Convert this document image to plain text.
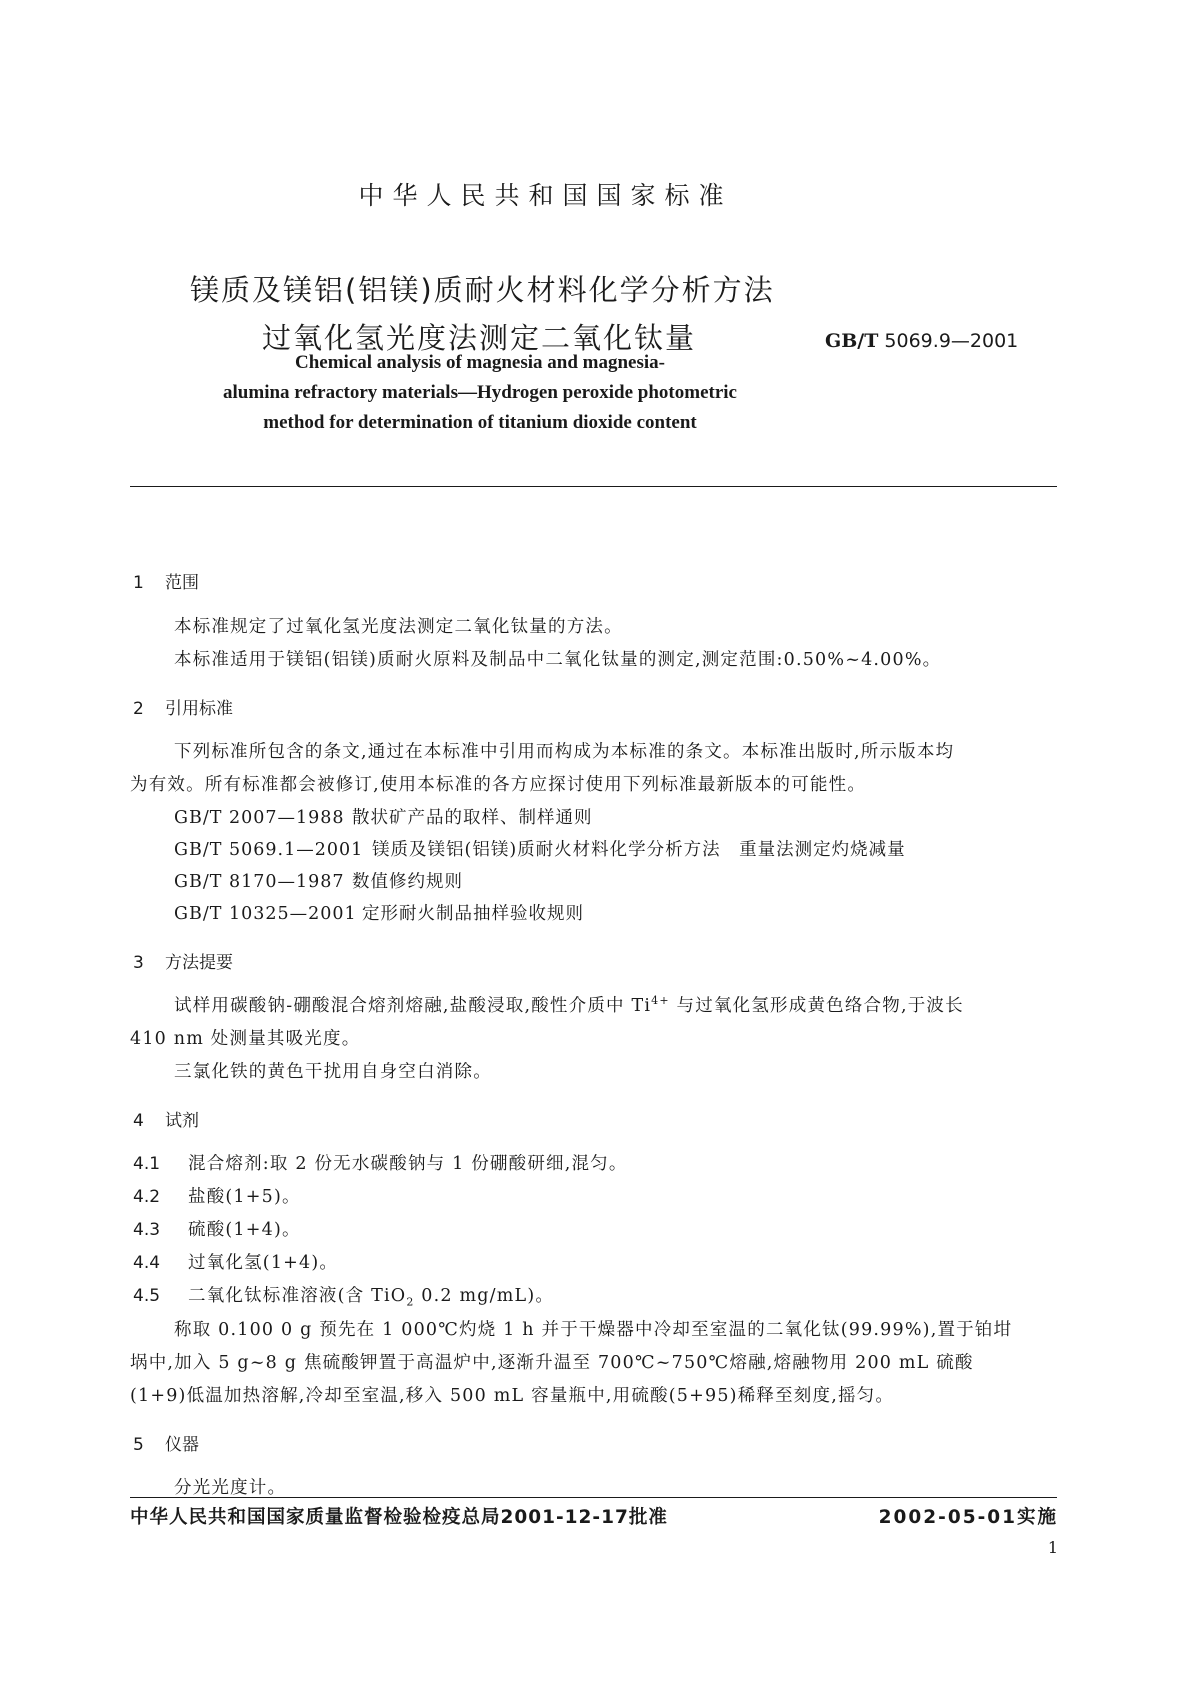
中华人民共和国国家标准
镁质及镁铝(铝镁)质耐火材料化学分析方法
过氧化氢光度法测定二氧化钛量	GB/T 5069.9—2001
Chemical analysis of magnesia and magnesia-
alumina refractory materials—Hydrogen peroxide photometric
method for determination of titanium dioxide content
1 范围
本标准规定了过氧化氢光度法测定二氧化钛量的方法。
本标准适用于镁铝(铝镁)质耐火原料及制品中二氧化钛量的测定,测定范围:0.50%~4.00%。
2 引用标准
下列标准所包含的条文,通过在本标准中引用而构成为本标准的条文。本标准出版时,所示版本均
为有效。所有标准都会被修订,使用本标准的各方应探讨使用下列标准最新版本的可能性。
GB/T 2007—1988 散状矿产品的取样、制样通则
GB/T 5069.1—2001 镁质及镁铝(铝镁)质耐火材料化学分析方法　重量法测定灼烧减量
GB/T 8170—1987 数值修约规则
GB/T 10325—2001 定形耐火制品抽样验收规则
3 方法提要
试样用碳酸钠-硼酸混合熔剂熔融,盐酸浸取,酸性介质中 $Ti^{4+}$ 与过氧化氢形成黄色络合物,于波长
410 nm 处测量其吸光度。
三氯化铁的黄色干扰用自身空白消除。
4 试剂
4.1 混合熔剂:取 2 份无水碳酸钠与 1 份硼酸研细,混匀。
4.2 盐酸(1+5)。
4.3 硫酸(1+4)。
4.4 过氧化氢(1+4)。
4.5 二氧化钛标准溶液(含 TiO$_2$ 0.2 mg/mL)。
称取 0.100 0 g 预先在 1 000℃灼烧 1 h 并于干燥器中冷却至室温的二氧化钛(99.99%),置于铂坩
埚中,加入 5 g~8 g 焦硫酸钾置于高温炉中,逐渐升温至 700℃~750℃熔融,熔融物用 200 mL 硫酸
(1+9)低温加热溶解,冷却至室温,移入 500 mL 容量瓶中,用硫酸(5+95)稀释至刻度,摇匀。
5 仪器
分光光度计。
中华人民共和国国家质量监督检验检疫总局2001-12-17批准	2002-05-01实施
1
